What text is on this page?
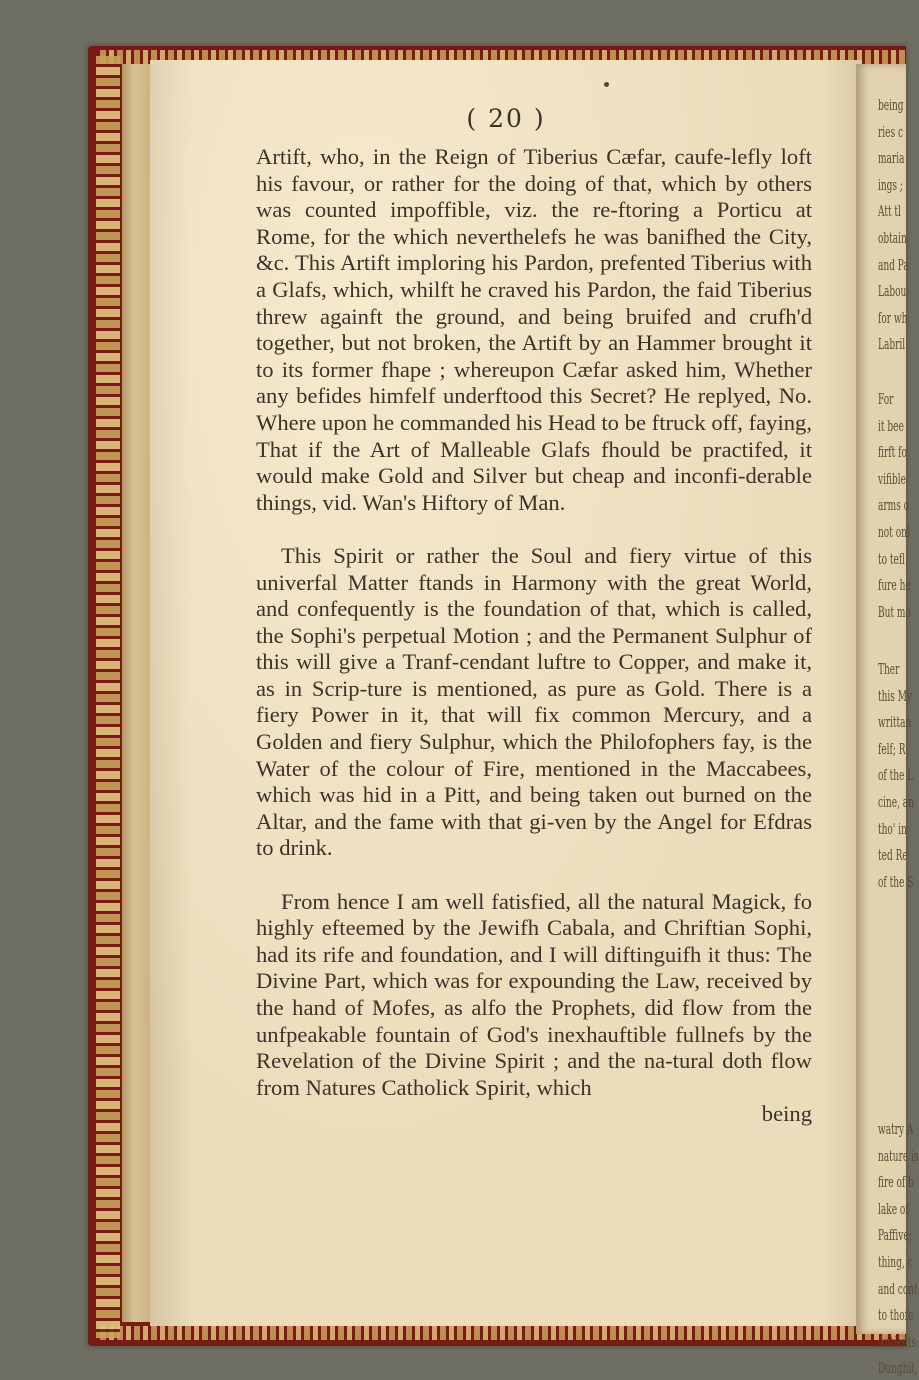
( 20 )

Artift, who, in the Reign of Tiberius Cæfar, caufe-lefly loft his favour, or rather for the doing of that, which by others was counted impoffible, viz. the re-ftoring a Porticu at Rome, for the which neverthelefs he was banifhed the City, &c. This Artift imploring his Pardon, prefented Tiberius with a Glafs, which, whilft he craved his Pardon, the faid Tiberius threw againft the ground, and being bruifed and crufh'd together, but not broken, the Artift by an Hammer brought it to its former fhape ; whereupon Cæfar asked him, Whether any befides himfelf underftood this Secret? He replyed, No. Where upon he commanded his Head to be ftruck off, faying, That if the Art of Malleable Glafs fhould be practifed, it would make Gold and Silver but cheap and inconfi-derable things, vid. Wan's Hiftory of Man.

This Spirit or rather the Soul and fiery virtue of this univerfal Matter ftands in Harmony with the great World, and confequently is the foundation of that, which is called, the Sophi's perpetual Motion ; and the Permanent Sulphur of this will give a Tranf-cendant luftre to Copper, and make it, as in Scrip-ture is mentioned, as pure as Gold. There is a fiery Power in it, that will fix common Mercury, and a Golden and fiery Sulphur, which the Philofophers fay, is the Water of the colour of Fire, mentioned in the Maccabees, which was hid in a Pitt, and being taken out burned on the Altar, and the fame with that gi-ven by the Angel for Efdras to drink.

From hence I am well fatisfied, all the natural Magick, fo highly efteemed by the Jewifh Cabala, and Chriftian Sophi, had its rife and foundation, and I will diftinguifh it thus: The Divine Part, which was for expounding the Law, received by the hand of Mofes, as alfo the Prophets, did flow from the unfpeakable fountain of God's inexhauftible fullnefs by the Revelation of the Divine Spirit ; and the na-tural doth flow from Natures Catholick Spirit, which

being

being
ries c
maria
ings ;
Att tl
obtain
and Pa
Labou
for wh
Labril
For
it bee
firft fo
vifible
arms o
not onl
to tefl
fure he
But mo
Ther
this My
writtan
felf; R
of the L
cine, an
tho' in
ted Re
of the S
watry A
nature is
fire of b
lake of
Paffive;
thing, c
and cont
to thofe
Antients
Dunghil,
